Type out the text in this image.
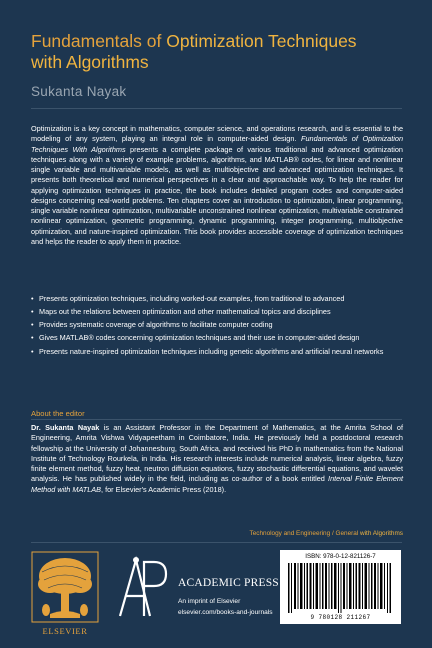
Fundamentals of Optimization Techniques
with Algorithms
Sukanta Nayak

Optimization is a key concept in mathematics, computer science, and operations research, and is essential to the modeling of any system, playing an integral role in computer-aided design. Fundamentals of Optimization Techniques With Algorithms presents a complete package of various traditional and advanced optimization techniques along with a variety of example problems, algorithms, and MATLAB® codes, for linear and nonlinear single variable and multivariable models, as well as multiobjective and advanced optimization techniques. It presents both theoretical and numerical perspectives in a clear and approachable way. To help the reader for applying optimization techniques in practice, the book includes detailed program codes and computer-aided designs concerning real-world problems. Ten chapters cover an introduction to optimization, linear programming, single variable nonlinear optimization, multivariable unconstrained nonlinear optimization, multivariable constrained nonlinear optimization, geometric programming, dynamic programming, integer programming, multiobjective optimization, and nature-inspired optimization. This book provides accessible coverage of optimization techniques and helps the reader to apply them in practice.

• Presents optimization techniques, including worked-out examples, from traditional to advanced
• Maps out the relations between optimization and other mathematical topics and disciplines
• Provides systematic coverage of algorithms to facilitate computer coding
• Gives MATLAB® codes concerning optimization techniques and their use in computer-aided design
• Presents nature-inspired optimization techniques including genetic algorithms and artificial neural networks
About the editor

Dr. Sukanta Nayak is an Assistant Professor in the Department of Mathematics, at the Amrita School of Engineering, Amrita Vishwa Vidyapeetham in Coimbatore, India. He previously held a postdoctoral research fellowship at the University of Johannesburg, South Africa, and received his PhD in mathematics from the National Institute of Technology Rourkela, in India. His research interests include numerical analysis, linear algebra, fuzzy finite element method, fuzzy heat, neutron diffusion equations, fuzzy stochastic differential equations, and wavelet analysis. He has published widely in the field, including as co-author of a book entitled Interval Finite Element Method with MATLAB, for Elsevier's Academic Press (2018).

Technology and Engineering / General with Algorithms
ELSEVIER
ACADEMIC PRESS
An imprint of Elsevier
elsevier.com/books-and-journals
ISBN: 978-0-12-821126-7
9 780128 211267
